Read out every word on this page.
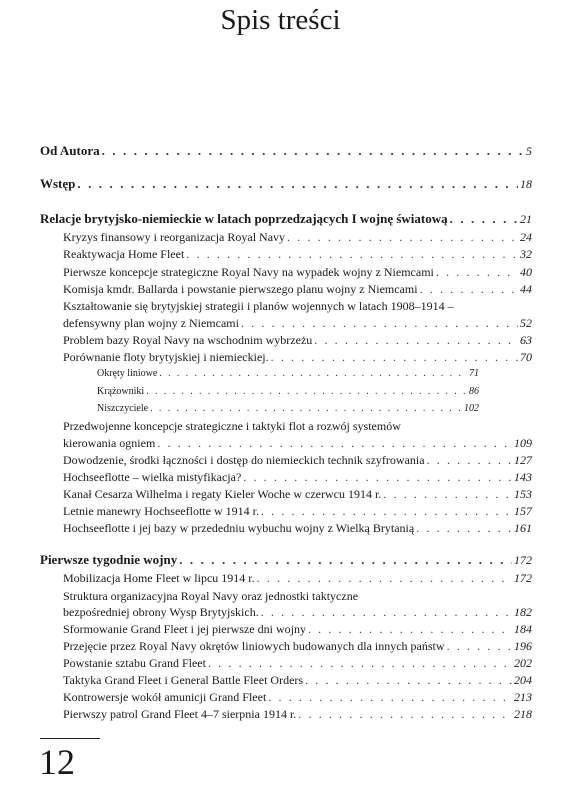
Spis treści
Od Autora . . .	5
Wstęp . . .	18
Relacje brytyjsko-niemieckie w latach poprzedzających I wojnę światową . . .	21
Kryzys finansowy i reorganizacja Royal Navy . . .	24
Reaktywacja Home Fleet . . .	32
Pierwsze koncepcje strategiczne Royal Navy na wypadek wojny z Niemcami . . .	40
Komisja kmdr. Ballarda i powstanie pierwszego planu wojny z Niemcami . . .	44
Kształtowanie się brytyjskiej strategii i planów wojennych w latach 1908–1914 –
defensywny plan wojny z Niemcami . . .	52
Problem bazy Royal Navy na wschodnim wybrzeżu . . .	63
Porównanie floty brytyjskiej i niemieckiej. . . .	70
Okręty liniowe . . .	71
Krążowniki . . .	86
Niszczyciele . . .	102
Przedwojenne koncepcje strategiczne i taktyki flot a rozwój systemów
kierowania ogniem . . .	109
Dowodzenie, środki łączności i dostęp do niemieckich technik szyfrowania . . .	127
Hochseeflotte – wielka mistyfikacja? . . .	143
Kanał Cesarza Wilhelma i regaty Kieler Woche w czerwcu 1914 r. . . .	153
Letnie manewry Hochseeflotte w 1914 r. . . .	157
Hochseeflotte i jej bazy w przededniu wybuchu wojny z Wielką Brytanią . . .	161
Pierwsze tygodnie wojny . . .	172
Mobilizacja Home Fleet w lipcu 1914 r. . . .	172
Struktura organizacyjna Royal Navy oraz jednostki taktyczne
bezpośredniej obrony Wysp Brytyjskich. . . .	182
Sformowanie Grand Fleet i jej pierwsze dni wojny . . .	184
Przejęcie przez Royal Navy okrętów liniowych budowanych dla innych państw . . .	196
Powstanie sztabu Grand Fleet . . .	202
Taktyka Grand Fleet i General Battle Fleet Orders . . .	204
Kontrowersje wokół amunicji Grand Fleet . . .	213
Pierwszy patrol Grand Fleet 4–7 sierpnia 1914 r. . . .	218
12
